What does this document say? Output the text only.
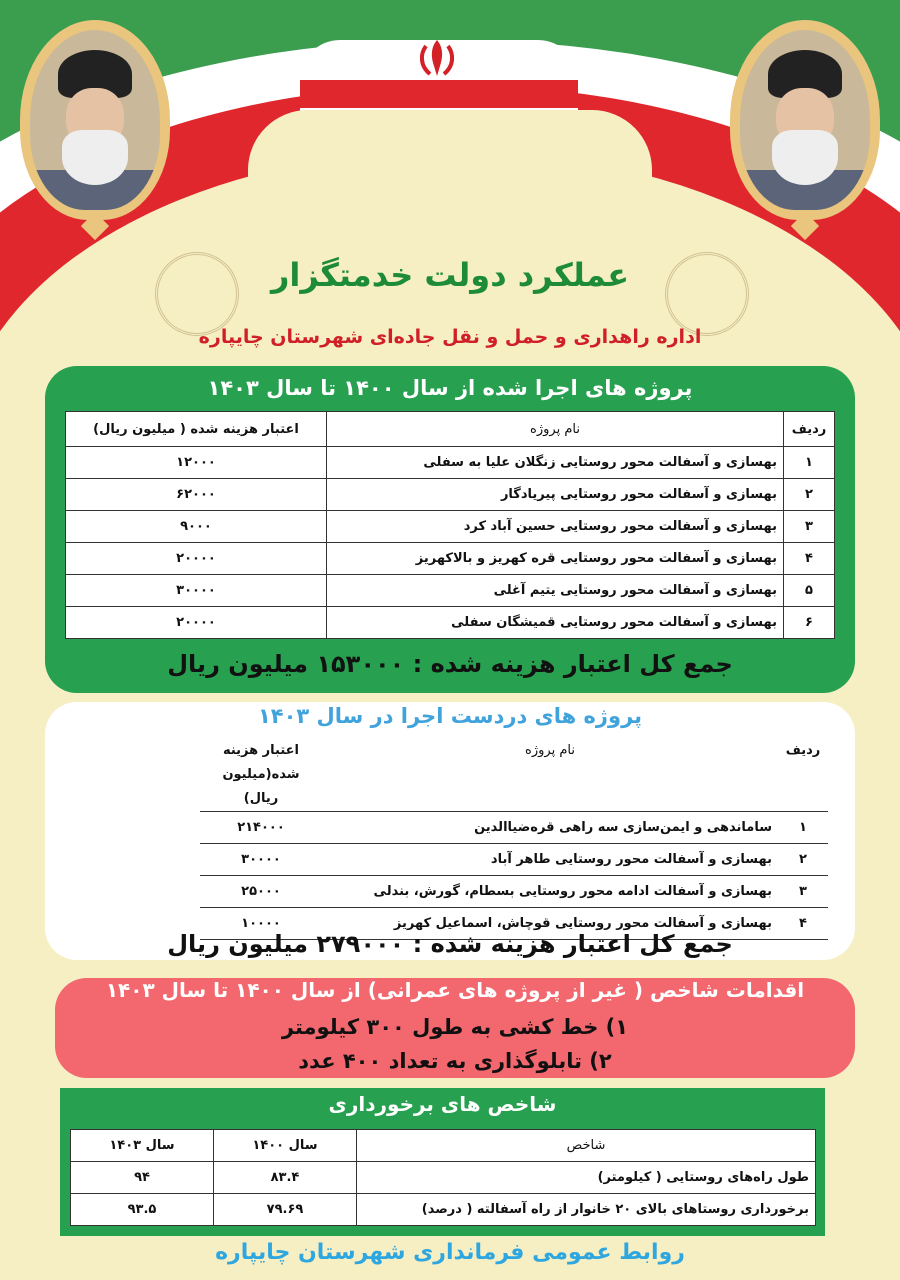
عملکرد دولت خدمتگزار
اداره راهداری و حمل و نقل جاده‌ای شهرستان چایپاره
پروژه های اجرا شده از سال ۱۴۰۰ تا سال ۱۴۰۳
ردیف	نام پروژه	اعتبار هزینه شده ( میلیون ریال)
۱	بهسازی و آسفالت محور روستایی زنگلان علیا به سفلی	۱۲۰۰۰
۲	بهسازی و آسفالت محور روستایی پیریادگار	۶۲۰۰۰
۳	بهسازی و آسفالت محور روستایی حسین آباد کرد	۹۰۰۰
۴	بهسازی و آسفالت محور روستایی قره کهریز و بالاکهریز	۲۰۰۰۰
۵	بهسازی و آسفالت محور روستایی یتیم آغلی	۳۰۰۰۰
۶	بهسازی و آسفالت محور روستایی قمیشگان سفلی	۲۰۰۰۰

جمع کل اعتبار هزینه شده : ۱۵۳۰۰۰ میلیون ریال

پروژه های دردست اجرا در سال ۱۴۰۳
ردیف	نام پروژه	اعتبار هزینه
شده(میلیون ریال)

۱	ساماندهی و ایمن‌سازی سه راهی قره‌ضیاالدین	۲۱۴۰۰۰
۲	بهسازی و آسفالت محور روستایی طاهر آباد	۳۰۰۰۰
۳	بهسازی و آسفالت ادامه محور روستایی بسطام، گورش، بندلی	۲۵۰۰۰
۴	بهسازی و آسفالت محور روستایی قوچاش، اسماعیل کهریز	۱۰۰۰۰

جمع کل اعتبار هزینه شده : ۲۷۹۰۰۰ میلیون ریال

اقدامات شاخص ( غیر از پروژه های عمرانی) از سال ۱۴۰۰ تا سال ۱۴۰۳

۱) خط کشی به طول ۳۰۰ کیلومتر

۲) تابلوگذاری به تعداد ۴۰۰ عدد

شاخص های برخورداری
شاخص	سال ۱۴۰۰	سال ۱۴۰۳
طول راه‌های روستایی ( کیلومتر)	۸۳.۴	۹۴
برخورداری روستاهای بالای ۲۰ خانوار از راه آسفالته ( درصد)	۷۹.۶۹	۹۳.۵

روابط عمومی فرمانداری شهرستان چایپاره
